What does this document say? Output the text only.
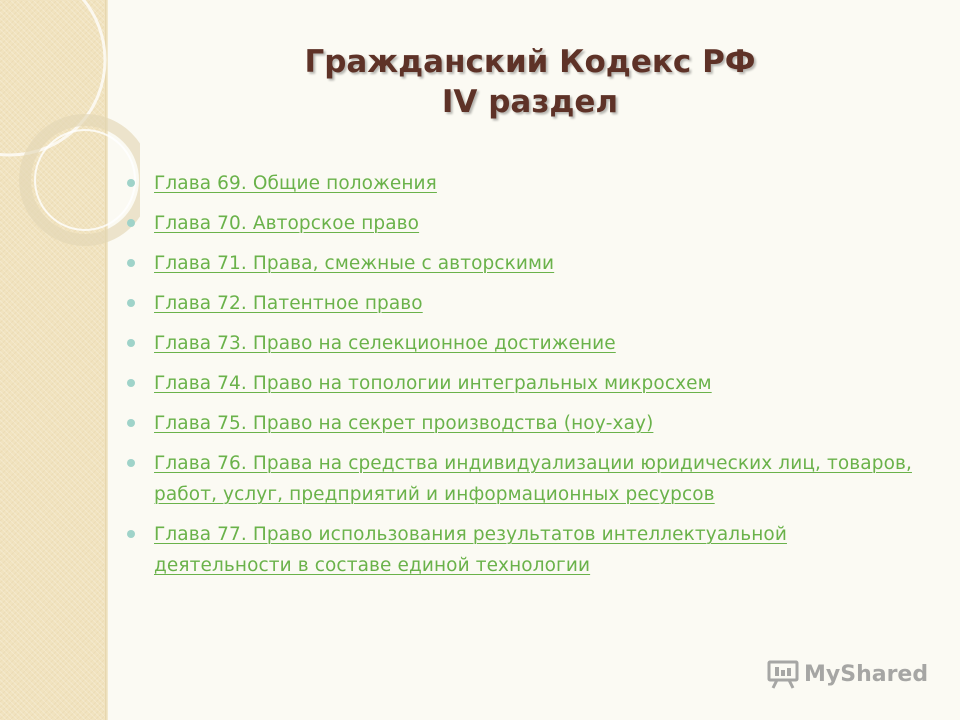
Гражданский Кодекс РФ
IV раздел
Глава 69. Общие положения
Глава 70. Авторское право
Глава 71. Права, смежные с авторскими
Глава 72. Патентное право
Глава 73. Право на селекционное достижение
Глава 74. Право на топологии интегральных микросхем
Глава 75. Право на секрет производства (ноу-хау)
Глава 76. Права на средства индивидуализации юридических лиц, товаров, работ, услуг, предприятий и информационных ресурсов
Глава 77. Право использования результатов интеллектуальной деятельности в составе единой технологии
MyShared
